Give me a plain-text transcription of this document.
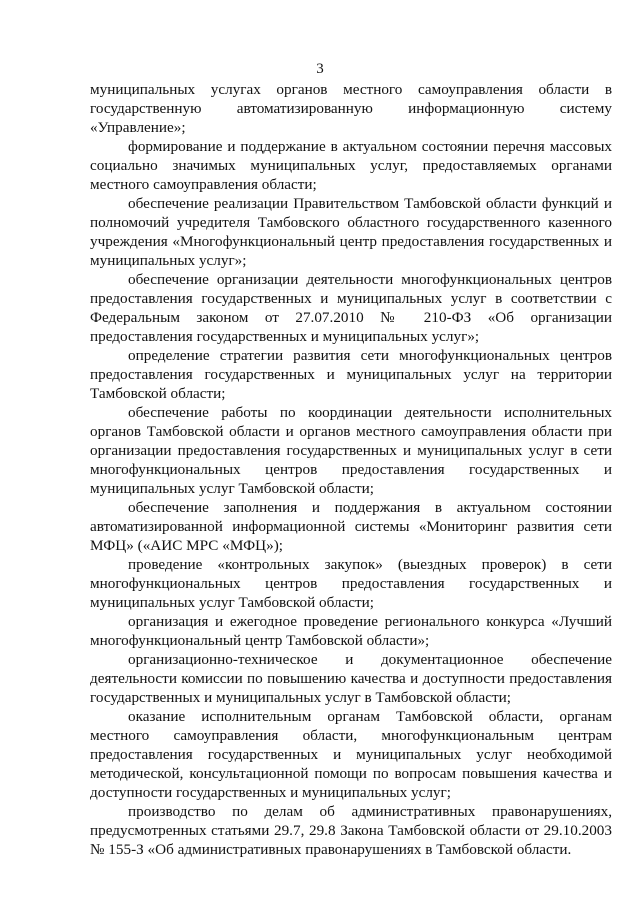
3

муниципальных услугах органов местного самоуправления области в государственную автоматизированную информационную систему «Управление»;

формирование и поддержание в актуальном состоянии перечня массовых социально значимых муниципальных услуг, предоставляемых органами местного самоуправления области;

обеспечение реализации Правительством Тамбовской области функций и полномочий учредителя Тамбовского областного государственного казенного учреждения «Многофункциональный центр предоставления государственных и муниципальных услуг»;

обеспечение организации деятельности многофункциональных центров предоставления государственных и муниципальных услуг в соответствии с Федеральным законом от 27.07.2010 № 210-ФЗ «Об организации предоставления государственных и муниципальных услуг»;

определение стратегии развития сети многофункциональных центров предоставления государственных и муниципальных услуг на территории Тамбовской области;

обеспечение работы по координации деятельности исполнительных органов Тамбовской области и органов местного самоуправления области при организации предоставления государственных и муниципальных услуг в сети многофункциональных центров предоставления государственных и муниципальных услуг Тамбовской области;

обеспечение заполнения и поддержания в актуальном состоянии автоматизированной информационной системы «Мониторинг развития сети МФЦ» («АИС МРС «МФЦ»);

проведение «контрольных закупок» (выездных проверок) в сети многофункциональных центров предоставления государственных и муниципальных услуг Тамбовской области;

организация и ежегодное проведение регионального конкурса «Лучший многофункциональный центр Тамбовской области»;

организационно-техническое и документационное обеспечение деятельности комиссии по повышению качества и доступности предоставления государственных и муниципальных услуг в Тамбовской области;

оказание исполнительным органам Тамбовской области, органам местного самоуправления области, многофункциональным центрам предоставления государственных и муниципальных услуг необходимой методической, консультационной помощи по вопросам повышения качества и доступности государственных и муниципальных услуг;

производство по делам об административных правонарушениях, предусмотренных статьями 29.7, 29.8 Закона Тамбовской области от 29.10.2003 № 155-З «Об административных правонарушениях в Тамбовской области.
